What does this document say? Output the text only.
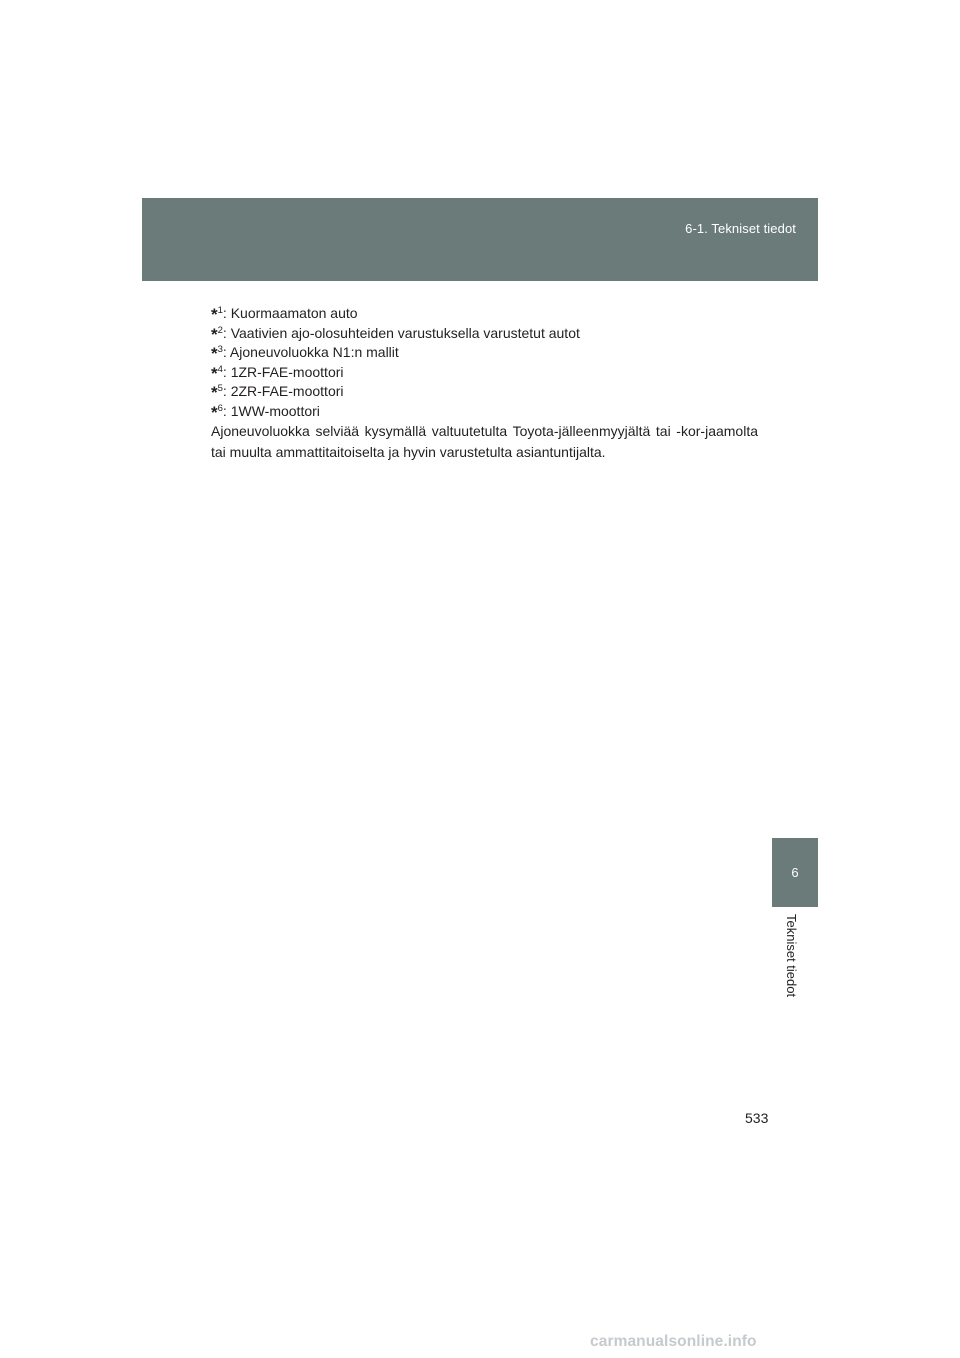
6-1. Tekniset tiedot
6
Tekniset tiedot
*$^1$: Kuormaamaton auto
*$^2$: Vaativien ajo-olosuhteiden varustuksella varustetut autot
*$^3$: Ajoneuvoluokka N1:n mallit
*$^4$: 1ZR-FAE-moottori
*$^5$: 2ZR-FAE-moottori
*$^6$: 1WW-moottori

Ajoneuvoluokka selviää kysymällä valtuutetulta Toyota-jälleenmyyjältä tai -kor-jaamolta tai muulta ammattitaitoiselta ja hyvin varustetulta asiantuntijalta.

533
carmanualsonline.info
